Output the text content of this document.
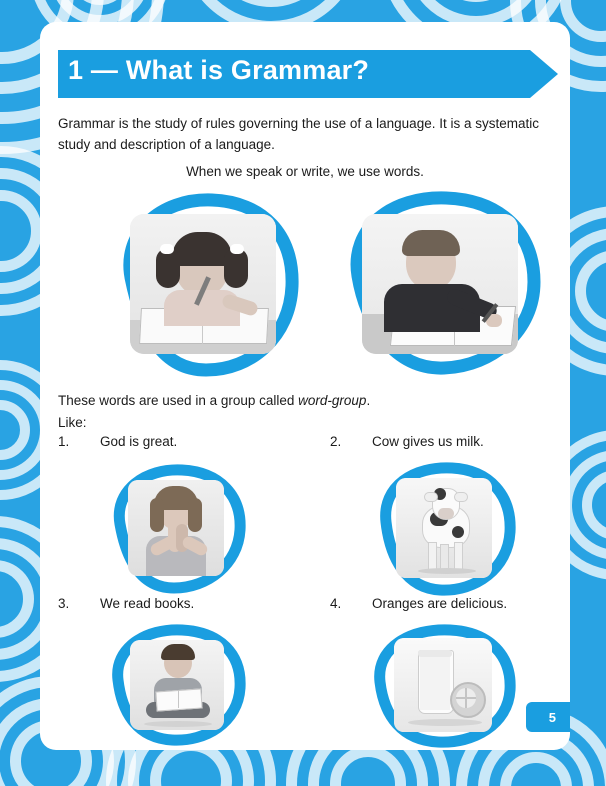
1 — What is Grammar?
Grammar is the study of rules governing the use of a language. It is a systematic study and description of a language.
When we speak or write, we use words.
These words are used in a group called word-group.
Like:
1. God is great.	2. Cow gives us milk.
3. We read books.	4. Oranges are delicious.
5
